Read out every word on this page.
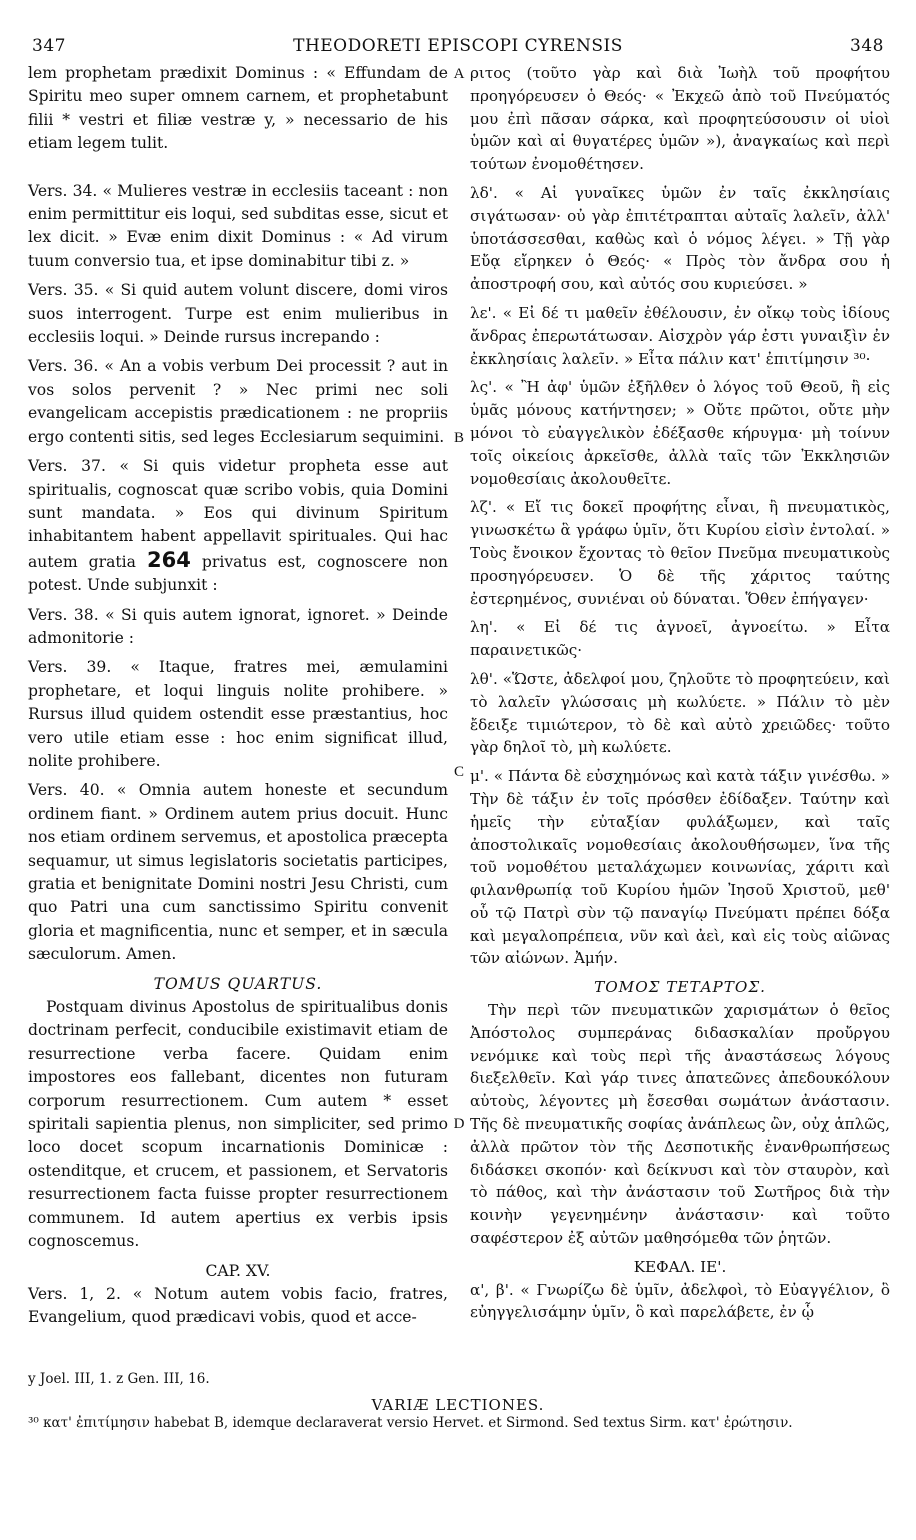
347	THEODORETI EPISCOPI CYRENSIS	348

lem prophetam prædixit Dominus : « Effundam de Spiritu meo super omnem carnem, et prophetabunt filii * vestri et filiæ vestræ y, » necessario de his etiam legem tulit.

Vers. 34. « Mulieres vestræ in ecclesiis taceant : non enim permittitur eis loqui, sed subditas esse, sicut et lex dicit. » Evæ enim dixit Dominus : « Ad virum tuum conversio tua, et ipse dominabitur tibi z. »

Vers. 35. « Si quid autem volunt discere, domi viros suos interrogent. Turpe est enim mulieribus in ecclesiis loqui. » Deinde rursus increpando :

Vers. 36. « An a vobis verbum Dei processit ? aut in vos solos pervenit ? » Nec primi nec soli evangelicam accepistis prædicationem : ne propriis ergo contenti sitis, sed leges Ecclesiarum sequimini.

Vers. 37. « Si quis videtur propheta esse aut spiritualis, cognoscat quæ scribo vobis, quia Domini sunt mandata. » Eos qui divinum Spiritum inhabitantem habent appellavit spirituales. Qui hac autem gratia 264 privatus est, cognoscere non potest. Unde subjunxit :

Vers. 38. « Si quis autem ignorat, ignoret. » Deinde admonitorie :

Vers. 39. « Itaque, fratres mei, æmulamini prophetare, et loqui linguis nolite prohibere. » Rursus illud quidem ostendit esse præstantius, hoc vero utile etiam esse : hoc enim significat illud, nolite prohibere.

Vers. 40. « Omnia autem honeste et secundum ordinem fiant. » Ordinem autem prius docuit. Hunc nos etiam ordinem servemus, et apostolica præcepta sequamur, ut simus legislatoris societatis participes, gratia et benignitate Domini nostri Jesu Christi, cum quo Patri una cum sanctissimo Spiritu convenit gloria et magnificentia, nunc et semper, et in sæcula sæculorum. Amen.

TOMUS QUARTUS.

Postquam divinus Apostolus de spiritualibus donis doctrinam perfecit, conducibile existimavit etiam de resurrectione verba facere. Quidam enim impostores eos fallebant, dicentes non futuram corporum resurrectionem. Cum autem * esset spiritali sapientia plenus, non simpliciter, sed primo loco docet scopum incarnationis Dominicæ : ostenditque, et crucem, et passionem, et Servatoris resurrectionem facta fuisse propter resurrectionem communem. Id autem apertius ex verbis ipsis cognoscemus.

CAP. XV.

Vers. 1, 2. « Notum autem vobis facio, fratres, Evangelium, quod prædicavi vobis, quod et acce-

A
B
C
D

ριτος (τοῦτο γὰρ καὶ διὰ Ἰωὴλ τοῦ προφήτου προηγόρευσεν ὁ Θεός· « Ἐκχεῶ ἀπὸ τοῦ Πνεύματός μου ἐπὶ πᾶσαν σάρκα, καὶ προφητεύσουσιν οἱ υἱοὶ ὑμῶν καὶ αἱ θυγατέρες ὑμῶν »), ἀναγκαίως καὶ περὶ τούτων ἐνομοθέτησεν.

λδ'. « Αἱ γυναῖκες ὑμῶν ἐν ταῖς ἐκκλησίαις σιγάτωσαν· οὐ γὰρ ἐπιτέτραπται αὐταῖς λαλεῖν, ἀλλ' ὑποτάσσεσθαι, καθὼς καὶ ὁ νόμος λέγει. » Τῇ γὰρ Εὔᾳ εἴρηκεν ὁ Θεός· « Πρὸς τὸν ἄνδρα σου ἡ ἀποστροφή σου, καὶ αὐτός σου κυριεύσει. »

λε'. « Εἰ δέ τι μαθεῖν ἐθέλουσιν, ἐν οἴκῳ τοὺς ἰδίους ἄνδρας ἐπερωτάτωσαν. Αἰσχρὸν γάρ ἐστι γυναιξὶν ἐν ἐκκλησίαις λαλεῖν. » Εἶτα πάλιν κατ' ἐπιτίμησιν ³⁰·

λς'. « Ἢ ἀφ' ὑμῶν ἐξῆλθεν ὁ λόγος τοῦ Θεοῦ, ἢ εἰς ὑμᾶς μόνους κατήντησεν; » Οὔτε πρῶτοι, οὔτε μὴν μόνοι τὸ εὐαγγελικὸν ἐδέξασθε κήρυγμα· μὴ τοίνυν τοῖς οἰκείοις ἀρκεῖσθε, ἀλλὰ ταῖς τῶν Ἐκκλησιῶν νομοθεσίαις ἀκολουθεῖτε.

λζ'. « Εἴ τις δοκεῖ προφήτης εἶναι, ἢ πνευματικὸς, γινωσκέτω ἃ γράφω ὑμῖν, ὅτι Κυρίου εἰσὶν ἐντολαί. » Τοὺς ἔνοικον ἔχοντας τὸ θεῖον Πνεῦμα πνευματικοὺς προσηγόρευσεν. Ὁ δὲ τῆς χάριτος ταύτης ἐστερημένος, συνιέναι οὐ δύναται. Ὅθεν ἐπήγαγεν·

λη'. « Εἰ δέ τις ἀγνοεῖ, ἀγνοείτω. » Εἶτα παραινετικῶς·

λθ'. «Ὥστε, ἀδελφοί μου, ζηλοῦτε τὸ προφητεύειν, καὶ τὸ λαλεῖν γλώσσαις μὴ κωλύετε. » Πάλιν τὸ μὲν ἔδειξε τιμιώτερον, τὸ δὲ καὶ αὐτὸ χρειῶδες· τοῦτο γὰρ δηλοῖ τὸ, μὴ κωλύετε.

μ'. « Πάντα δὲ εὐσχημόνως καὶ κατὰ τάξιν γινέσθω. » Τὴν δὲ τάξιν ἐν τοῖς πρόσθεν ἐδίδαξεν. Ταύτην καὶ ἡμεῖς τὴν εὐταξίαν φυλάξωμεν, καὶ ταῖς ἀποστολικαῖς νομοθεσίαις ἀκολουθήσωμεν, ἵνα τῆς τοῦ νομοθέτου μεταλάχωμεν κοινωνίας, χάριτι καὶ φιλανθρωπίᾳ τοῦ Κυρίου ἡμῶν Ἰησοῦ Χριστοῦ, μεθ' οὗ τῷ Πατρὶ σὺν τῷ παναγίῳ Πνεύματι πρέπει δόξα καὶ μεγαλοπρέπεια, νῦν καὶ ἀεὶ, καὶ εἰς τοὺς αἰῶνας τῶν αἰώνων. Ἀμήν.

ΤΟΜΟΣ ΤΕΤΑΡΤΟΣ.

Τὴν περὶ τῶν πνευματικῶν χαρισμάτων ὁ θεῖος Ἀπόστολος συμπεράνας διδασκαλίαν προὔργου νενόμικε καὶ τοὺς περὶ τῆς ἀναστάσεως λόγους διεξελθεῖν. Καὶ γάρ τινες ἀπατεῶνες ἀπεδουκόλουν αὐτοὺς, λέγοντες μὴ ἔσεσθαι σωμάτων ἀνάστασιν. Τῆς δὲ πνευματικῆς σοφίας ἀνάπλεως ὢν, οὐχ ἁπλῶς, ἀλλὰ πρῶτον τὸν τῆς Δεσποτικῆς ἐνανθρωπήσεως διδάσκει σκοπόν· καὶ δείκνυσι καὶ τὸν σταυρὸν, καὶ τὸ πάθος, καὶ τὴν ἀνάστασιν τοῦ Σωτῆρος διὰ τὴν κοινὴν γεγενημένην ἀνάστασιν· καὶ τοῦτο σαφέστερον ἐξ αὐτῶν μαθησόμεθα τῶν ῥητῶν.

ΚΕΦΑΛ. ΙΕ'.

α', β'. « Γνωρίζω δὲ ὑμῖν, ἀδελφοὶ, τὸ Εὐαγγέλιον, ὃ εὐηγγελισάμην ὑμῖν, ὃ καὶ παρελάβετε, ἐν ᾧ

y Joel. III, 1. z Gen. III, 16.
VARIÆ LECTIONES.
³⁰ κατ' ἐπιτίμησιν habebat B, idemque declaraverat versio Hervet. et Sirmond. Sed textus Sirm. κατ' ἐρώτησιν.
